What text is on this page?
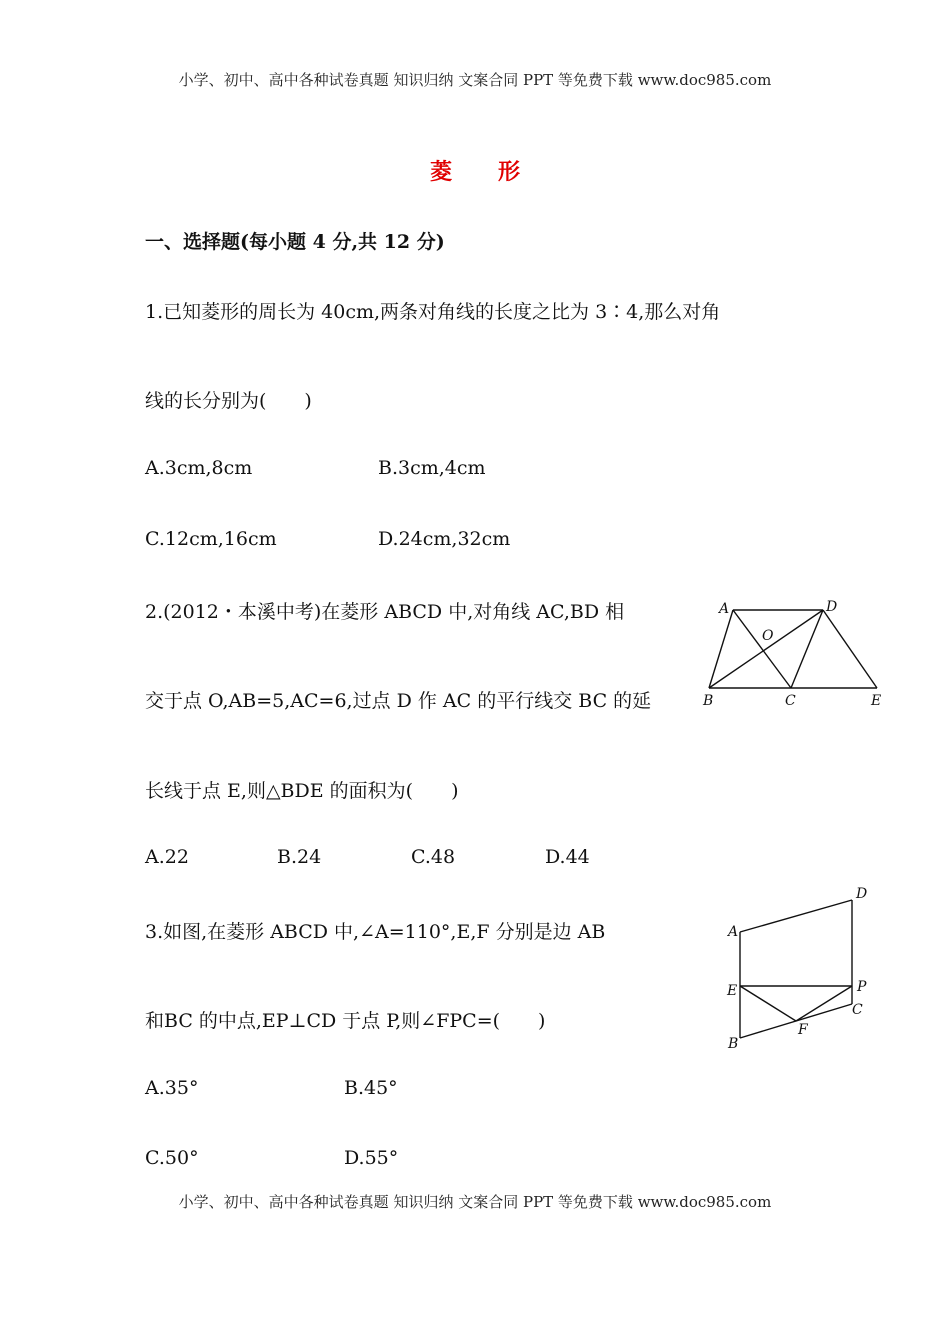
小学、初中、高中各种试卷真题 知识归纳 文案合同 PPT 等免费下载 www.doc985.com
菱 形
一、选择题(每小题 4 分,共 12 分)
1.已知菱形的周长为 40cm,两条对角线的长度之比为 3∶4,那么对角
线的长分别为(　　)
A.3cm,8cm	B.3cm,4cm
C.12cm,16cm	D.24cm,32cm
2.(2012・本溪中考)在菱形 ABCD 中,对角线 AC,BD 相
交于点 O,AB=5,AC=6,过点 D 作 AC 的平行线交 BC 的延
长线于点 E,则△BDE 的面积为(　　)
A.22	B.24	C.48	D.44
A	D
O
B	C	E
3.如图,在菱形 ABCD 中,∠A=110°,E,F 分别是边 AB
和BC 的中点,EP⊥CD 于点 P,则∠FPC=(　　)
A.35°	B.45°
C.50°	D.55°
D
A
E	P
C
F
B
小学、初中、高中各种试卷真题 知识归纳 文案合同 PPT 等免费下载 www.doc985.com
